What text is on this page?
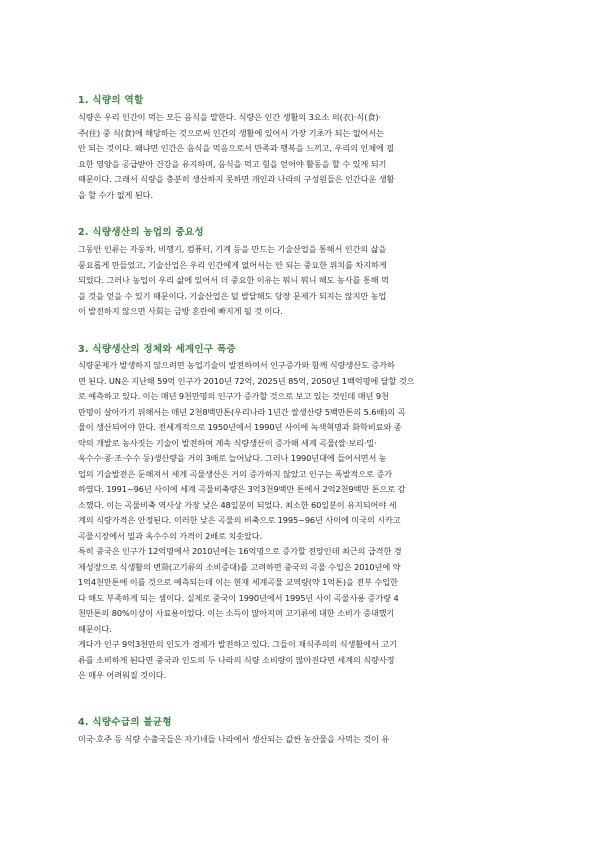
1. 식량의 역할
식량은 우리 인간이 먹는 모든 음식을 말한다. 식량은 인간 생활의 3요소 의(衣)·식(食)·
주(住) 중 식(食)에 해당하는 것으로써 인간의 생활에 있어서 가장 기초가 되는 없어서는
안 되는 것이다. 왜냐면 인간은 음식을 먹음으로서 만족과 행복을 느끼고, 우리의 인체에 필
요한 영양을 공급받아 건강을 유지하며, 음식을 먹고 힘을 얻어야 활동을 할 수 있게 되기
때문이다. 그래서 식량을 충분히 생산하지 못하면 개인과 나라의 구성원들은 인간다운 생활
을 할 수가 없게 된다.
2. 식량생산의 농업의 중요성
그동안 인류는 자동차, 비행기, 컴퓨터, 기계 등을 만드는 기술산업을 통해서 인간의 삶을
풍요롭게 만들었고, 기술산업은 우리 인간에게 없어서는 안 되는 중요한 위치를 차지하게
되었다. 그러나 농업이 우리 삶에 있어서 더 중요한 이유는 뭐니 뭐니 해도 농사를 통해 먹
을 것을 얻을 수 있기 때문이다. 기술산업은 덜 발달해도 당장 문제가 되지는 않지만 농업
이 발전하지 않으면 사회는 금방 혼란에 빠지게 될 것 이다.
3. 식량생산의 정체와 세계인구 폭증
식량문제가 발생하지 않으려면 농업기술이 발전하여서 인구증가와 함께 식량생산도 증가하
면 된다. UN은 지난해 59억 인구가 2010년 72억, 2025년 85억, 2050년 1백억명에 달할 것으
로 예측하고 있다. 이는 매년 9천만명의 인구가 증가할 것으로 보고 있는 것인데 매년 9천
만명이 살아가기 위해서는 매년 2천8백만톤(우리나라 1년간 쌀생산량 5백만톤의 5.6배)의 곡
물이 생산되어야 한다. 전세계적으로 1950년에서 1990년 사이에 녹색혁명과 화학비료와 종
약의 개발로 농사짓는 기술이 발전하여 계속 식량생산이 증가해 세계 곡물(쌀·보리·밀·
옥수수·콩·조·수수 등)생산량을 거의 3배로 늘어났다. 그러나 1990년대에 들어서면서 농
업의 기술발전은 둔해져서 세계 곡물생산은 거의 증가하지 않았고 인구는 폭발적으로 증가
하였다. 1991~96년 사이에 세계 곡물비축량은 3억3천9백만 톤에서 2억2천9백만 톤으로 감
소했다. 이는 곡물비축 역사상 가장 낮은 48일분이 되었다. 최소한 60일분이 유지되어야 세
계의 식량가격은 안정된다. 이러한 낮은 곡물의 비축으로 1995~96년 사이에 미국의 시카고
곡물시장에서 밀과 옥수수의 가격이 2배로 치솟았다.
특히 중국은 인구가 12억명에서 2010년에는 16억명으로 증가할 전망인데 최근의 급격한 경
제성장으로 식생활의 변화(고기류의 소비증대)를 고려하면 중국의 곡물 수입은 2010년에 약
1억4천만톤에 이를 것으로 예측되는데 이는 현재 세계곡물 교역량(약 1억톤)을 전부 수입한
다 해도 부족하게 되는 셈이다. 실제로 중국이 1990년에서 1995년 사이 곡물사용 증가량 4
천만톤의 80%이상이 사료용이었다. 이는 소득이 많아지며 고기류에 대한 소비가 증대했기
때문이다.
게다가 인구 9억3천만의 인도가 경제가 발전하고 있다. 그들이 채식주의의 식생활에서 고기
류를 소비하게 된다면 중국과 인도의 두 나라의 식량 소비량이 많아진다면 세계의 식량사정
은 매우 어려워질 것이다.
4. 식량수급의 불균형
미국·호주 등 식량 수출국들은 자기네들 나라에서 생산되는 값싼 농산물을 사먹는 것이 유
